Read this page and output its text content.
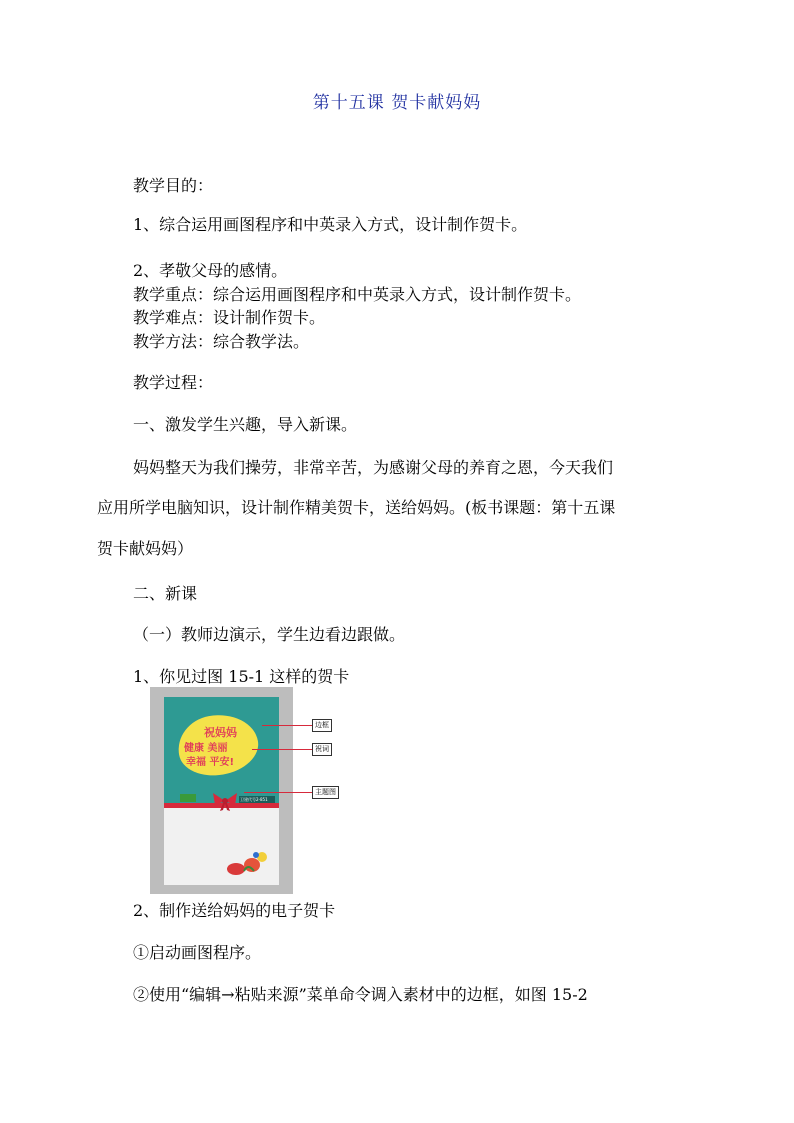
第十五课 贺卡献妈妈
教学目的：
1、综合运用画图程序和中英录入方式，设计制作贺卡。
2、孝敬父母的感情。
教学重点：综合运用画图程序和中英录入方式，设计制作贺卡。
教学难点：设计制作贺卡。
教学方法：综合教学法。
教学过程：
一、激发学生兴趣，导入新课。
妈妈整天为我们操劳，非常辛苦，为感谢父母的养育之恩，今天我们
应用所学电脑知识，设计制作精美贺卡，送给妈妈。(板书课题：第十五课
贺卡献妈妈）
二、新课
（一）教师边演示，学生边看边跟做。
1、你见过图 15-1 这样的贺卡
祝妈妈
健康 美丽
幸福 平安!
卫建代号2-851
边框
祝词
主题图
2、制作送给妈妈的电子贺卡
①启动画图程序。
②使用“编辑→粘贴来源”菜单命令调入素材中的边框，如图 15-2
